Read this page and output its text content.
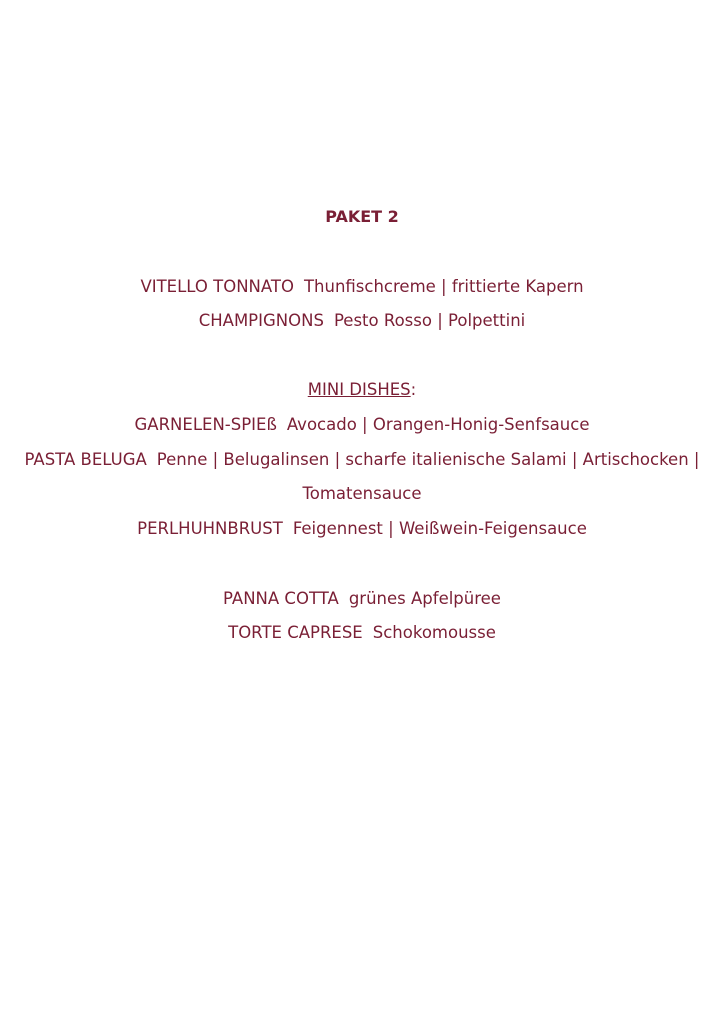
PAKET 2
VITELLO TONNATO Thunfischcreme | frittierte Kapern
CHAMPIGNONS Pesto Rosso | Polpettini
MINI DISHES:
GARNELEN-SPIEß Avocado | Orangen-Honig-Senfsauce
PASTA BELUGA Penne | Belugalinsen | scharfe italienische Salami | Artischocken |
Tomatensauce
PERLHUHNBRUST Feigennest | Weißwein-Feigensauce
PANNA COTTA grünes Apfelpüree
TORTE CAPRESE Schokomousse
